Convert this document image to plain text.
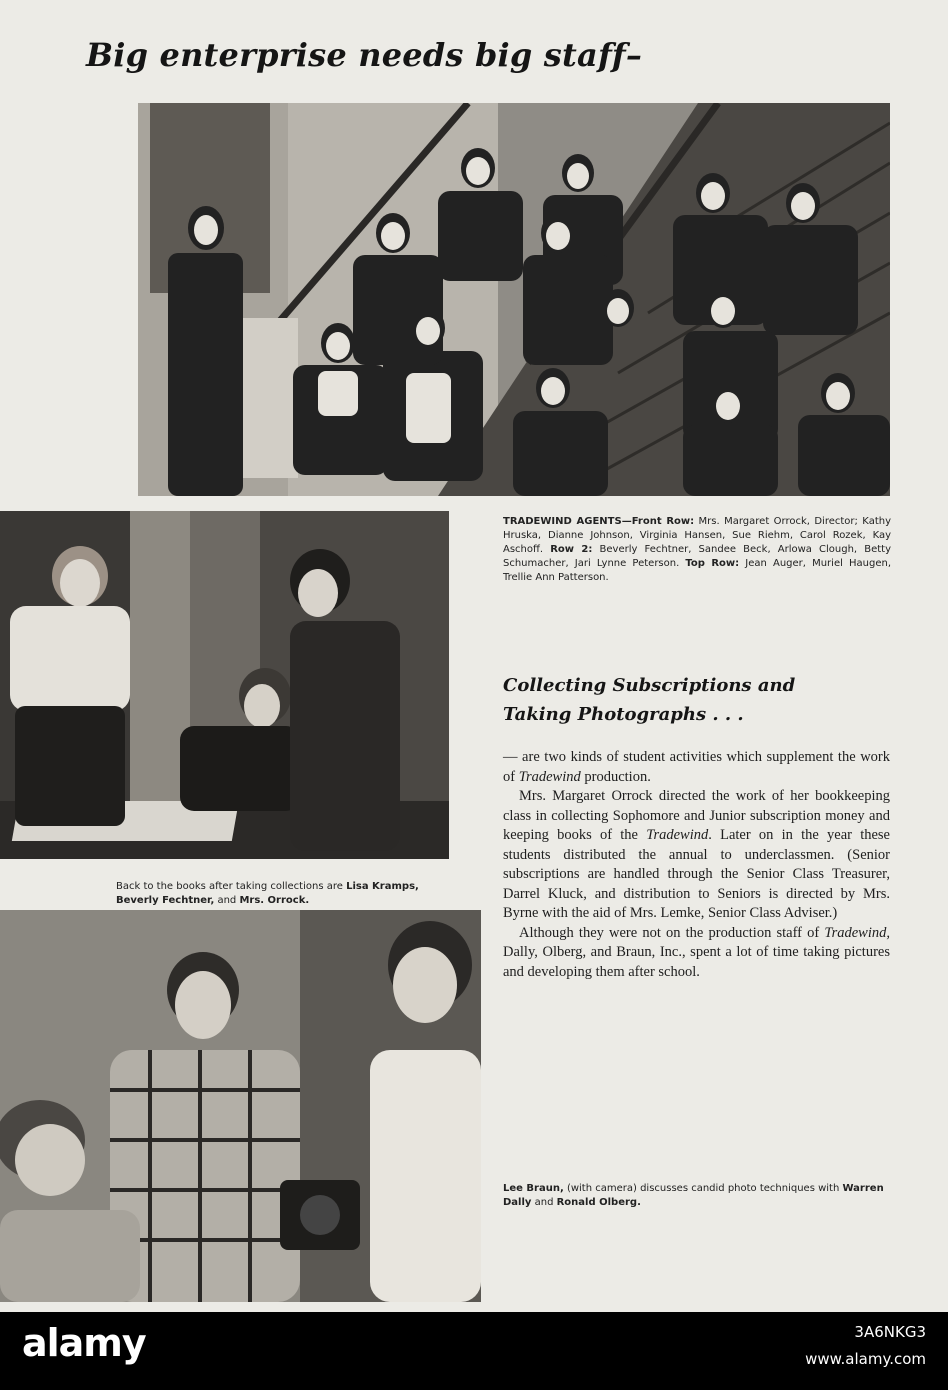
Big enterprise needs big staff–

TRADEWIND AGENTS—Front Row: Mrs. Margaret Orrock, Director; Kathy Hruska, Dianne Johnson, Virginia Hansen, Sue Riehm, Carol Rozek, Kay Aschoff. Row 2: Beverly Fechtner, Sandee Beck, Arlowa Clough, Betty Schumacher, Jari Lynne Peterson. Top Row: Jean Auger, Muriel Haugen, Trellie Ann Patterson.

Back to the books after taking collections are Lisa Kramps, Beverly Fechtner, and Mrs. Orrock.

Collecting Subscriptions and
Taking Photographs . . .

— are two kinds of student activities which supplement the work of Tradewind production.

Mrs. Margaret Orrock directed the work of her bookkeeping class in collecting Sophomore and Junior subscription money and keeping books of the Tradewind. Later on in the year these students distributed the annual to underclassmen. (Senior subscriptions are handled through the Senior Class Treasurer, Darrel Kluck, and distribution to Seniors is directed by Mrs. Byrne with the aid of Mrs. Lemke, Senior Class Adviser.)

Although they were not on the production staff of Tradewind, Dally, Olberg, and Braun, Inc., spent a lot of time taking pictures and developing them after school.

Lee Braun, (with camera) discusses candid photo techniques with Warren Dally and Ronald Olberg.

alamy	3A6NKG3
www.alamy.com
